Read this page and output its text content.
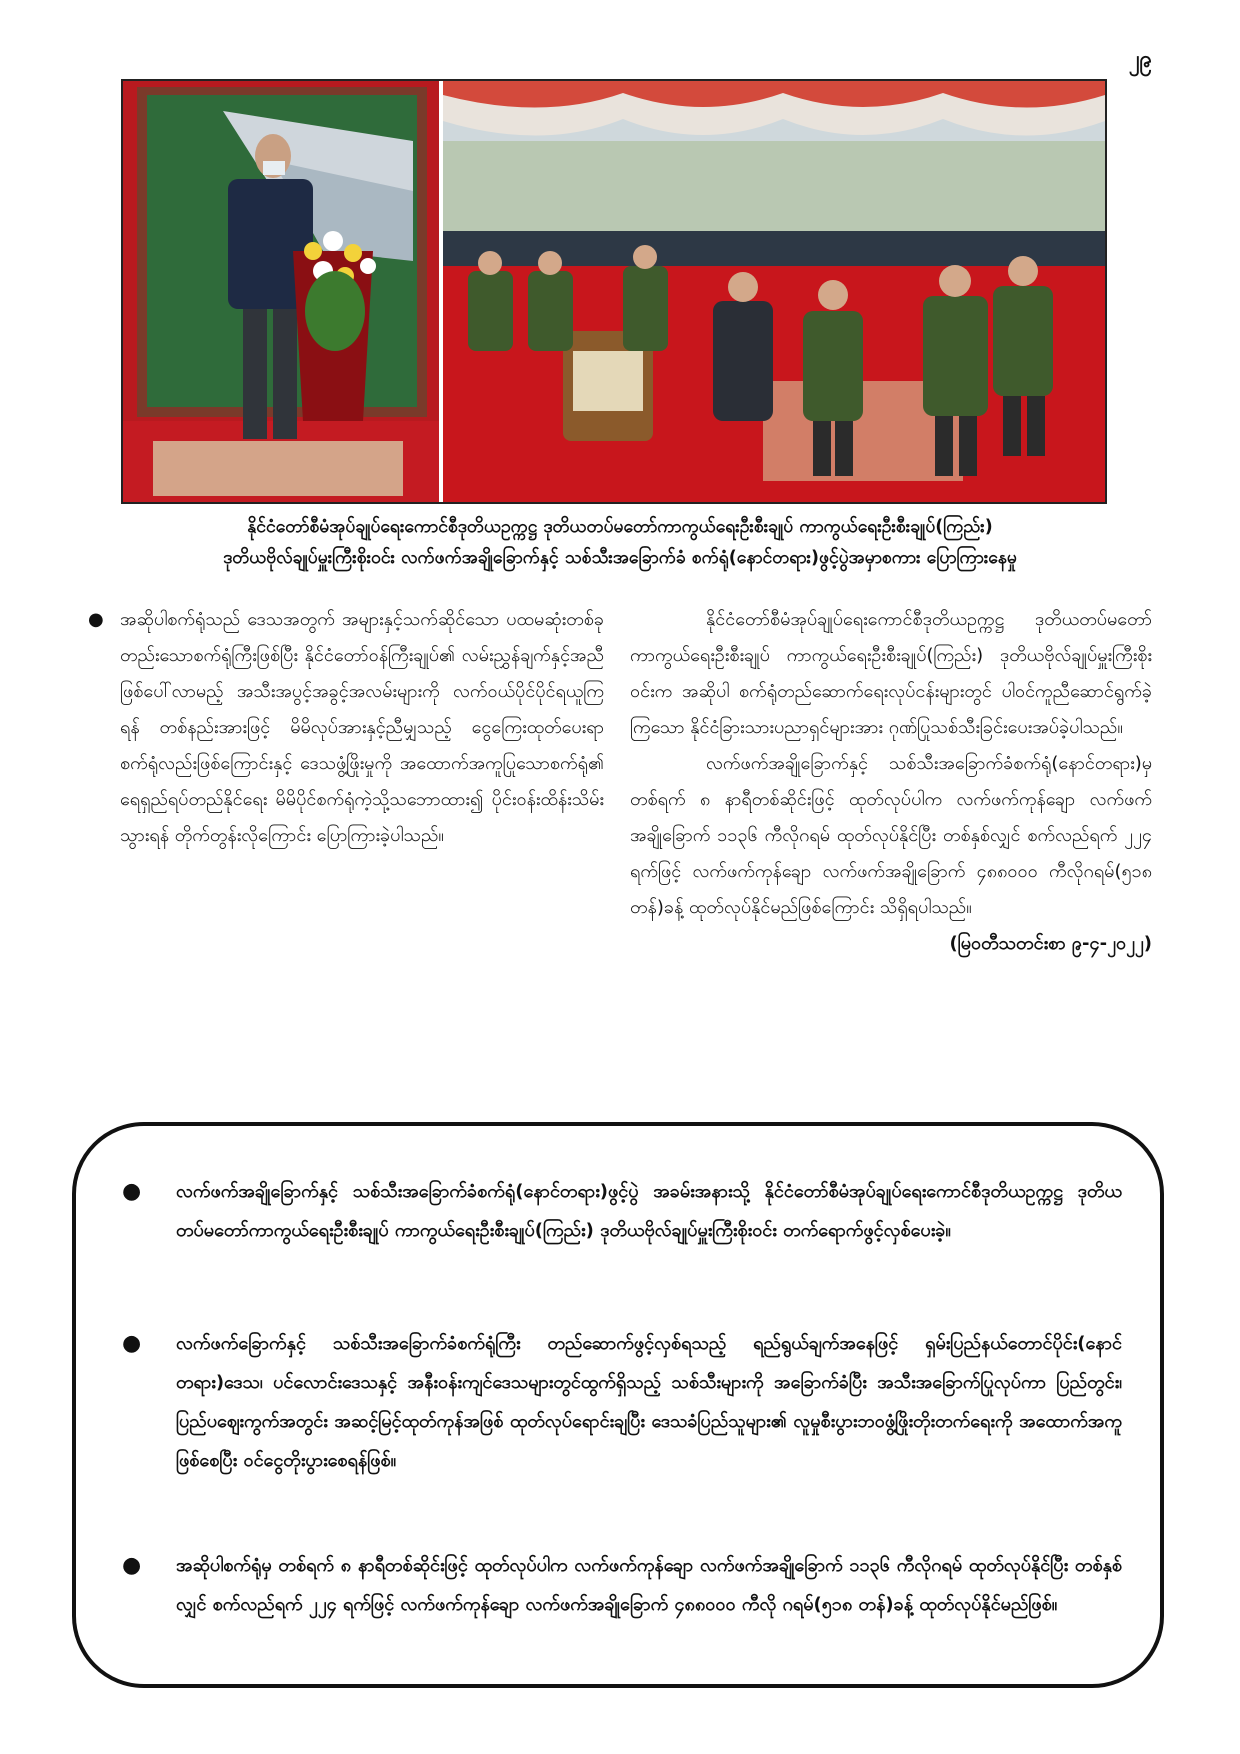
၂၉
နိုင်ငံတော်စီမံအုပ်ချုပ်ရေးကောင်စီဒုတိယဥက္ကဋ္ဌ ဒုတိယတပ်မတော်ကာကွယ်ရေးဦးစီးချုပ် ကာကွယ်ရေးဦးစီးချုပ်(ကြည်း)
ဒုတိယဗိုလ်ချုပ်မှူးကြီးစိုးဝင်း လက်ဖက်အချိုခြောက်နှင့် သစ်သီးအခြောက်ခံ စက်ရုံ(နောင်တရား)ဖွင့်ပွဲအမှာစကား ပြောကြားနေမှု

● အဆိုပါစက်ရုံသည် ဒေသအတွက် အများနှင့်သက်ဆိုင်သော ပထမဆုံးတစ်ခုတည်းသောစက်ရုံကြီးဖြစ်ပြီး နိုင်ငံတော်ဝန်ကြီးချုပ်၏ လမ်းညွှန်ချက်နှင့်အညီ ဖြစ်ပေါ်လာမည့် အသီးအပွင့်အခွင့်အလမ်းများကို လက်ဝယ်ပိုင်ပိုင်ရယူကြရန် တစ်နည်းအားဖြင့် မိမိလုပ်အားနှင့်ညီမျှသည့် ငွေကြေးထုတ်ပေးရာ စက်ရုံလည်းဖြစ်ကြောင်းနှင့် ဒေသဖွံ့ဖြိုးမှုကို အထောက်အကူပြုသောစက်ရုံ၏ ရေရှည်ရပ်တည်နိုင်ရေး မိမိပိုင်စက်ရုံကဲ့သို့သဘောထား၍ ပိုင်းဝန်းထိန်းသိမ်းသွားရန် တိုက်တွန်းလိုကြောင်း ပြောကြားခဲ့ပါသည်။

နိုင်ငံတော်စီမံအုပ်ချုပ်ရေးကောင်စီဒုတိယဥက္ကဋ္ဌ ဒုတိယတပ်မတော်ကာကွယ်ရေးဦးစီးချုပ် ကာကွယ်ရေးဦးစီးချုပ်(ကြည်း) ဒုတိယဗိုလ်ချုပ်မှူးကြီးစိုးဝင်းက အဆိုပါ စက်ရုံတည်ဆောက်ရေးလုပ်ငန်းများတွင် ပါဝင်ကူညီဆောင်ရွက်ခဲ့ကြသော နိုင်ငံခြားသားပညာရှင်များအား ဂုဏ်ပြုသစ်သီးခြင်းပေးအပ်ခဲ့ပါသည်။

လက်ဖက်အချိုခြောက်နှင့် သစ်သီးအခြောက်ခံစက်ရုံ(နောင်တရား)မှ တစ်ရက် ၈ နာရီတစ်ဆိုင်းဖြင့် ထုတ်လုပ်ပါက လက်ဖက်ကုန်ချော လက်ဖက်အချိုခြောက် ၁၁၃၆ ကီလိုဂရမ် ထုတ်လုပ်နိုင်ပြီး တစ်နှစ်လျှင် စက်လည်ရက် ၂၂၄ ရက်ဖြင့် လက်ဖက်ကုန်ချော လက်ဖက်အချိုခြောက် ၄၈၈၀၀၀ ကီလိုဂရမ်(၅၁၈ တန်)ခန့် ထုတ်လုပ်နိုင်မည်ဖြစ်ကြောင်း သိရှိရပါသည်။

(မြဝတီသတင်းစာ ၉-၄-၂၀၂၂)

●	လက်ဖက်အချိုခြောက်နှင့် သစ်သီးအခြောက်ခံစက်ရုံ(နောင်တရား)ဖွင့်ပွဲ အခမ်းအနားသို့ နိုင်ငံတော်စီမံအုပ်ချုပ်ရေးကောင်စီဒုတိယဥက္ကဋ္ဌ ဒုတိယတပ်မတော်ကာကွယ်ရေးဦးစီးချုပ် ကာကွယ်ရေးဦးစီးချုပ်(ကြည်း) ဒုတိယဗိုလ်ချုပ်မှူးကြီးစိုးဝင်း တက်ရောက်ဖွင့်လှစ်ပေးခဲ့။
●	လက်ဖက်ခြောက်နှင့် သစ်သီးအခြောက်ခံစက်ရုံကြီး တည်ဆောက်ဖွင့်လှစ်ရသည့် ရည်ရွယ်ချက်အနေဖြင့် ရှမ်းပြည်နယ်တောင်ပိုင်း(နောင်တရား)ဒေသ၊ ပင်လောင်းဒေသနှင့် အနီးဝန်းကျင်ဒေသများတွင်ထွက်ရှိသည့် သစ်သီးများကို အခြောက်ခံပြီး အသီးအခြောက်ပြုလုပ်ကာ ပြည်တွင်း၊ ပြည်ပဈေးကွက်အတွင်း အဆင့်မြင့်ထုတ်ကုန်အဖြစ် ထုတ်လုပ်ရောင်းချပြီး ဒေသခံပြည်သူများ၏ လူမှုစီးပွားဘဝဖွံ့ဖြိုးတိုးတက်ရေးကို အထောက်အကူဖြစ်စေပြီး ဝင်ငွေတိုးပွားစေရန်ဖြစ်။
●	အဆိုပါစက်ရုံမှ တစ်ရက် ၈ နာရီတစ်ဆိုင်းဖြင့် ထုတ်လုပ်ပါက လက်ဖက်ကုန်ချော လက်ဖက်အချိုခြောက် ၁၁၃၆ ကီလိုဂရမ် ထုတ်လုပ်နိုင်ပြီး တစ်နှစ်လျှင် စက်လည်ရက် ၂၂၄ ရက်ဖြင့် လက်ဖက်ကုန်ချော လက်ဖက်အချိုခြောက် ၄၈၈၀၀၀ ကီလို ဂရမ်(၅၁၈ တန်)ခန့် ထုတ်လုပ်နိုင်မည်ဖြစ်။
